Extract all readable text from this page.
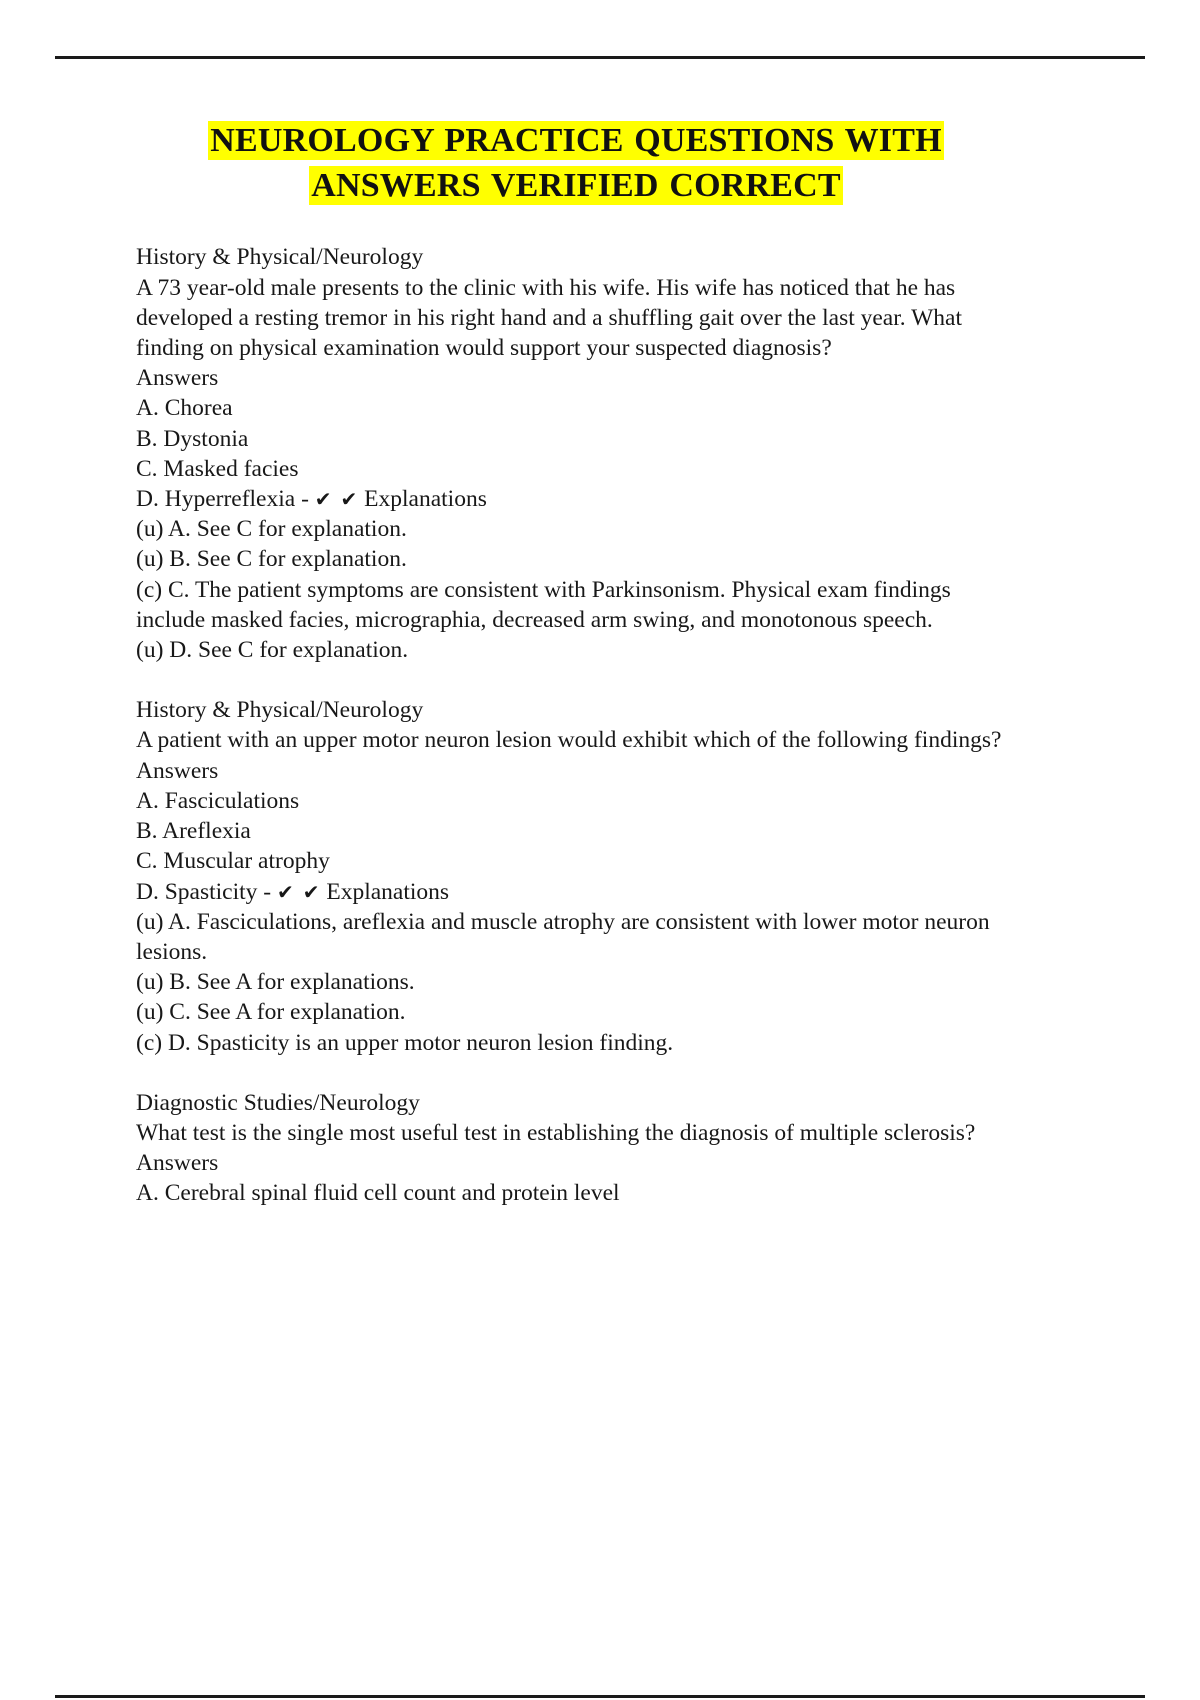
NEUROLOGY PRACTICE QUESTIONS WITH
ANSWERS VERIFIED CORRECT

History & Physical/Neurology

A 73 year-old male presents to the clinic with his wife. His wife has noticed that he has developed a resting tremor in his right hand and a shuffling gait over the last year. What finding on physical examination would support your suspected diagnosis?

Answers

A. Chorea

B. Dystonia

C. Masked facies

D. Hyperreflexia - ✔ ✔ Explanations

(u) A. See C for explanation.

(u) B. See C for explanation.

(c) C. The patient symptoms are consistent with Parkinsonism. Physical exam findings include masked facies, micrographia, decreased arm swing, and monotonous speech.

(u) D. See C for explanation.

History & Physical/Neurology

A patient with an upper motor neuron lesion would exhibit which of the following findings?

Answers

A. Fasciculations

B. Areflexia

C. Muscular atrophy

D. Spasticity - ✔ ✔ Explanations

(u) A. Fasciculations, areflexia and muscle atrophy are consistent with lower motor neuron lesions.

(u) B. See A for explanations.

(u) C. See A for explanation.

(c) D. Spasticity is an upper motor neuron lesion finding.

Diagnostic Studies/Neurology

What test is the single most useful test in establishing the diagnosis of multiple sclerosis?

Answers

A. Cerebral spinal fluid cell count and protein level
